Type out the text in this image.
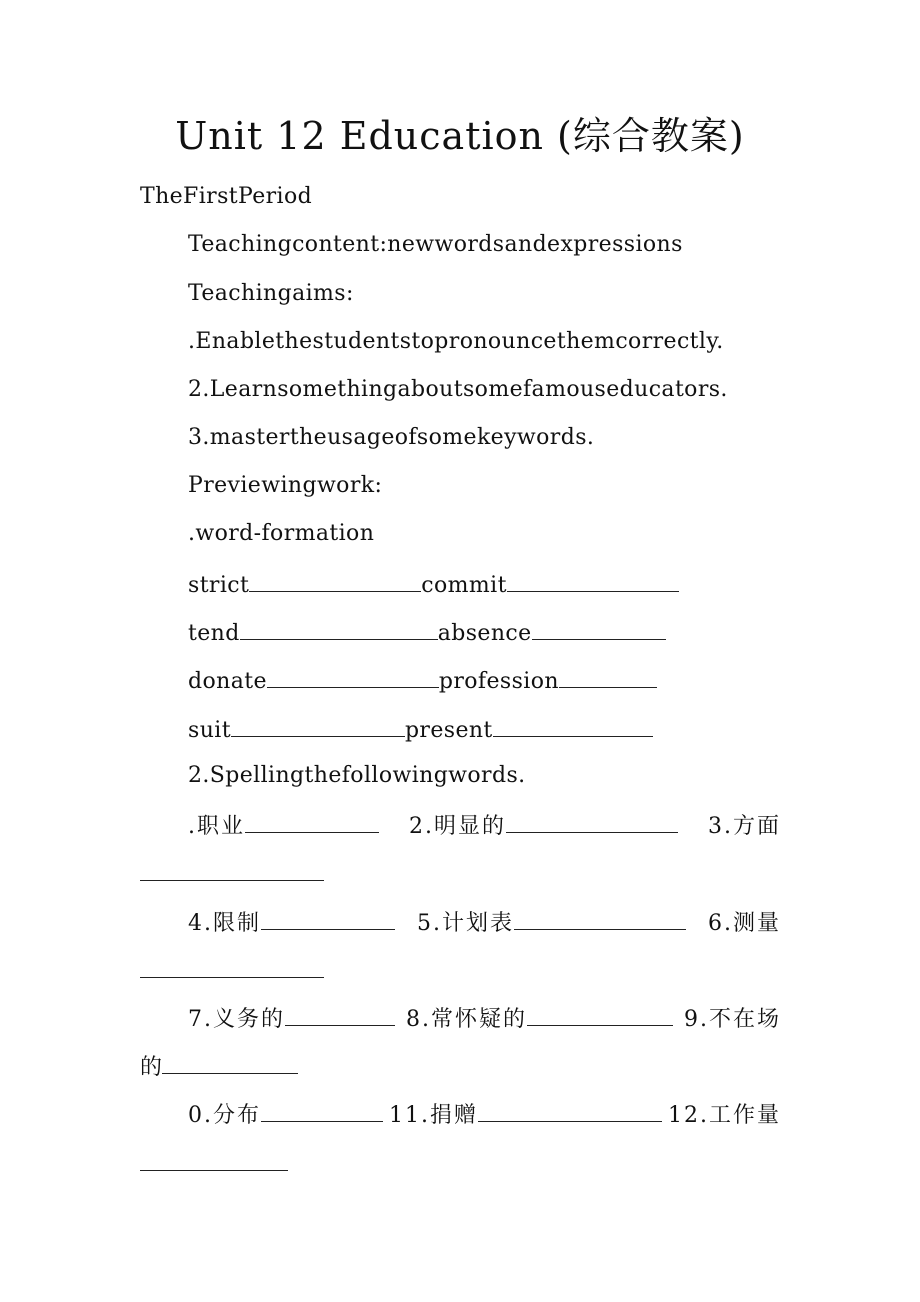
Unit 12 Education (综合教案)
TheFirstPeriod
Teachingcontent:newwordsandexpressions
Teachingaims:
.Enablethestudentstopronouncethemcorrectly.
2.Learnsomethingaboutsomefamouseducators.
3.mastertheusageofsomekeywords.
Previewingwork:
.word-formation
strict	commit
tend	absence
donate	profession
suit	present
2.Spellingthefollowingwords.
.职业	2.明显的	3.方面
4.限制	5.计划表	6.测量
7.义务的	8.常怀疑的	9.不在场
的
0.分布	11.捐赠	12.工作量
